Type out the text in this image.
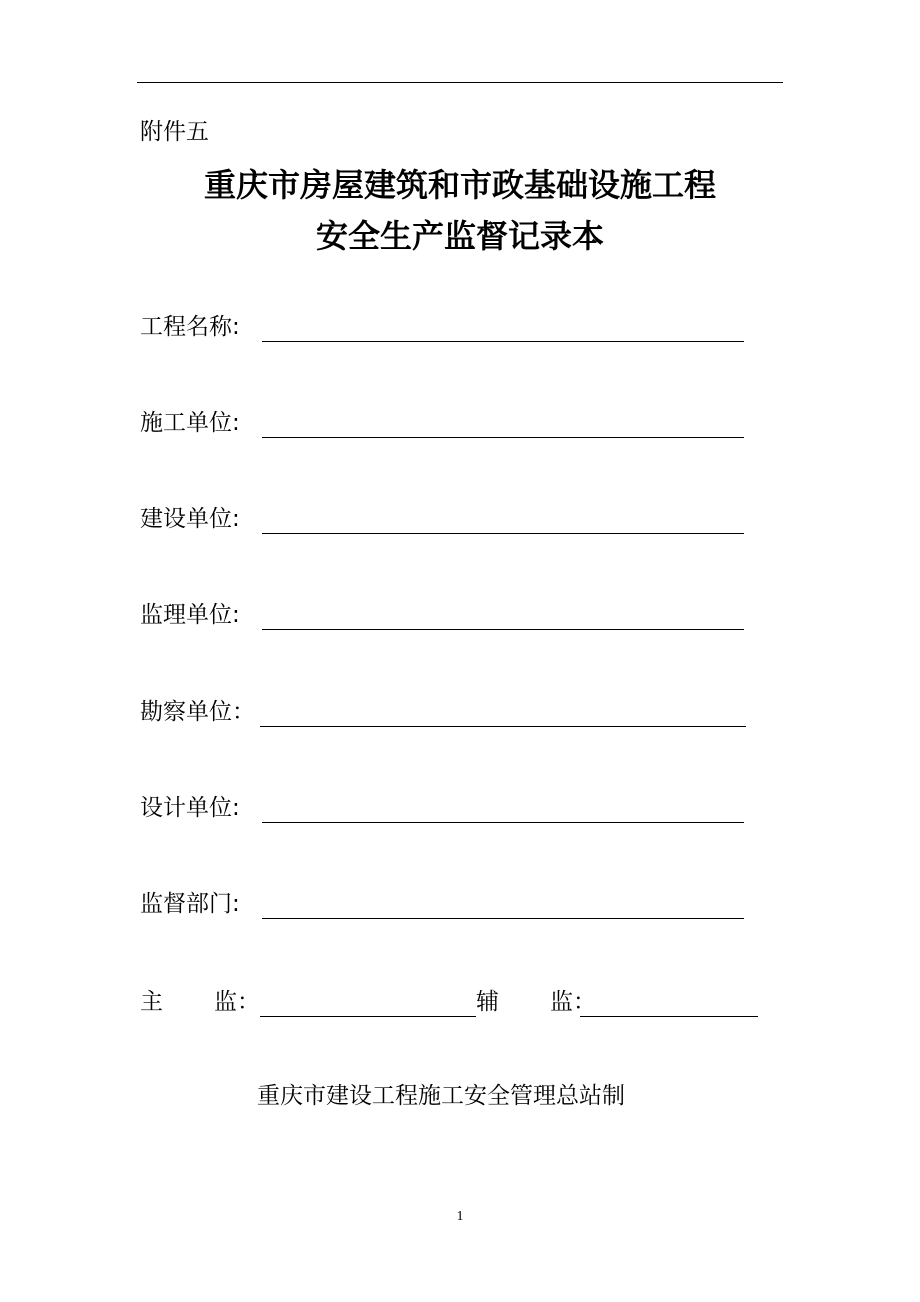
附件五
重庆市房屋建筑和市政基础设施工程
安全生产监督记录本
工程名称:
施工单位:
建设单位:
监理单位:
勘察单位：
设计单位:
监督部门:
主 监：	辅 监：
重庆市建设工程施工安全管理总站制
1
